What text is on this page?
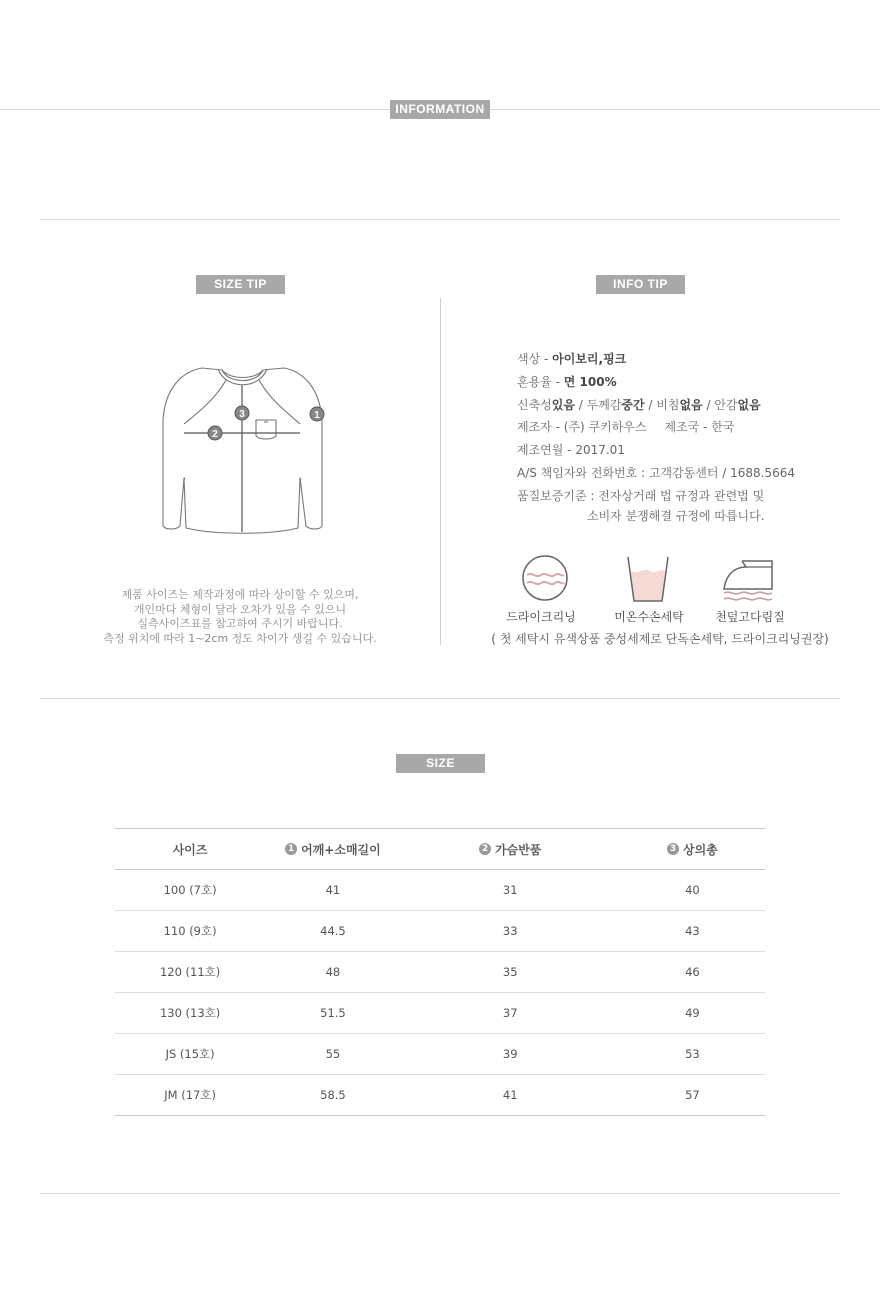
INFORMATION
SIZE TIP
3
2
1
제품 사이즈는 제작과정에 따라 상이할 수 있으며,
개인마다 체형이 달라 오차가 있을 수 있으니
실측사이즈표를 참고하여 주시기 바랍니다.
측정 위치에 따라 1~2cm 정도 차이가 생길 수 있습니다.
INFO TIP
색상 - 아이보리,핑크
혼용율 - 면 100%
신축성있음 / 두께감중간 / 비침없음 / 안감없음
제조자 - (주) 쿠키하우스 제조국 - 한국
제조연월 - 2017.01
A/S 책임자와 전화번호 : 고객감동센터 / 1688.5664
품질보증기준 : 전자상거래 법 규정과 관련법 및
소비자 분쟁해결 규정에 따릅니다.
드라이크리닝	미온수손세탁	천덮고다림질
( 첫 세탁시 유색상품 중성세제로 단독손세탁, 드라이크리닝권장)
SIZE
사이즈	1 어깨+소매길이	2 가슴반품	3 상의총
100 (7호)	41	31	40
110 (9호)	44.5	33	43
120 (11호)	48	35	46
130 (13호)	51.5	37	49
JS (15호)	55	39	53
JM (17호)	58.5	41	57
